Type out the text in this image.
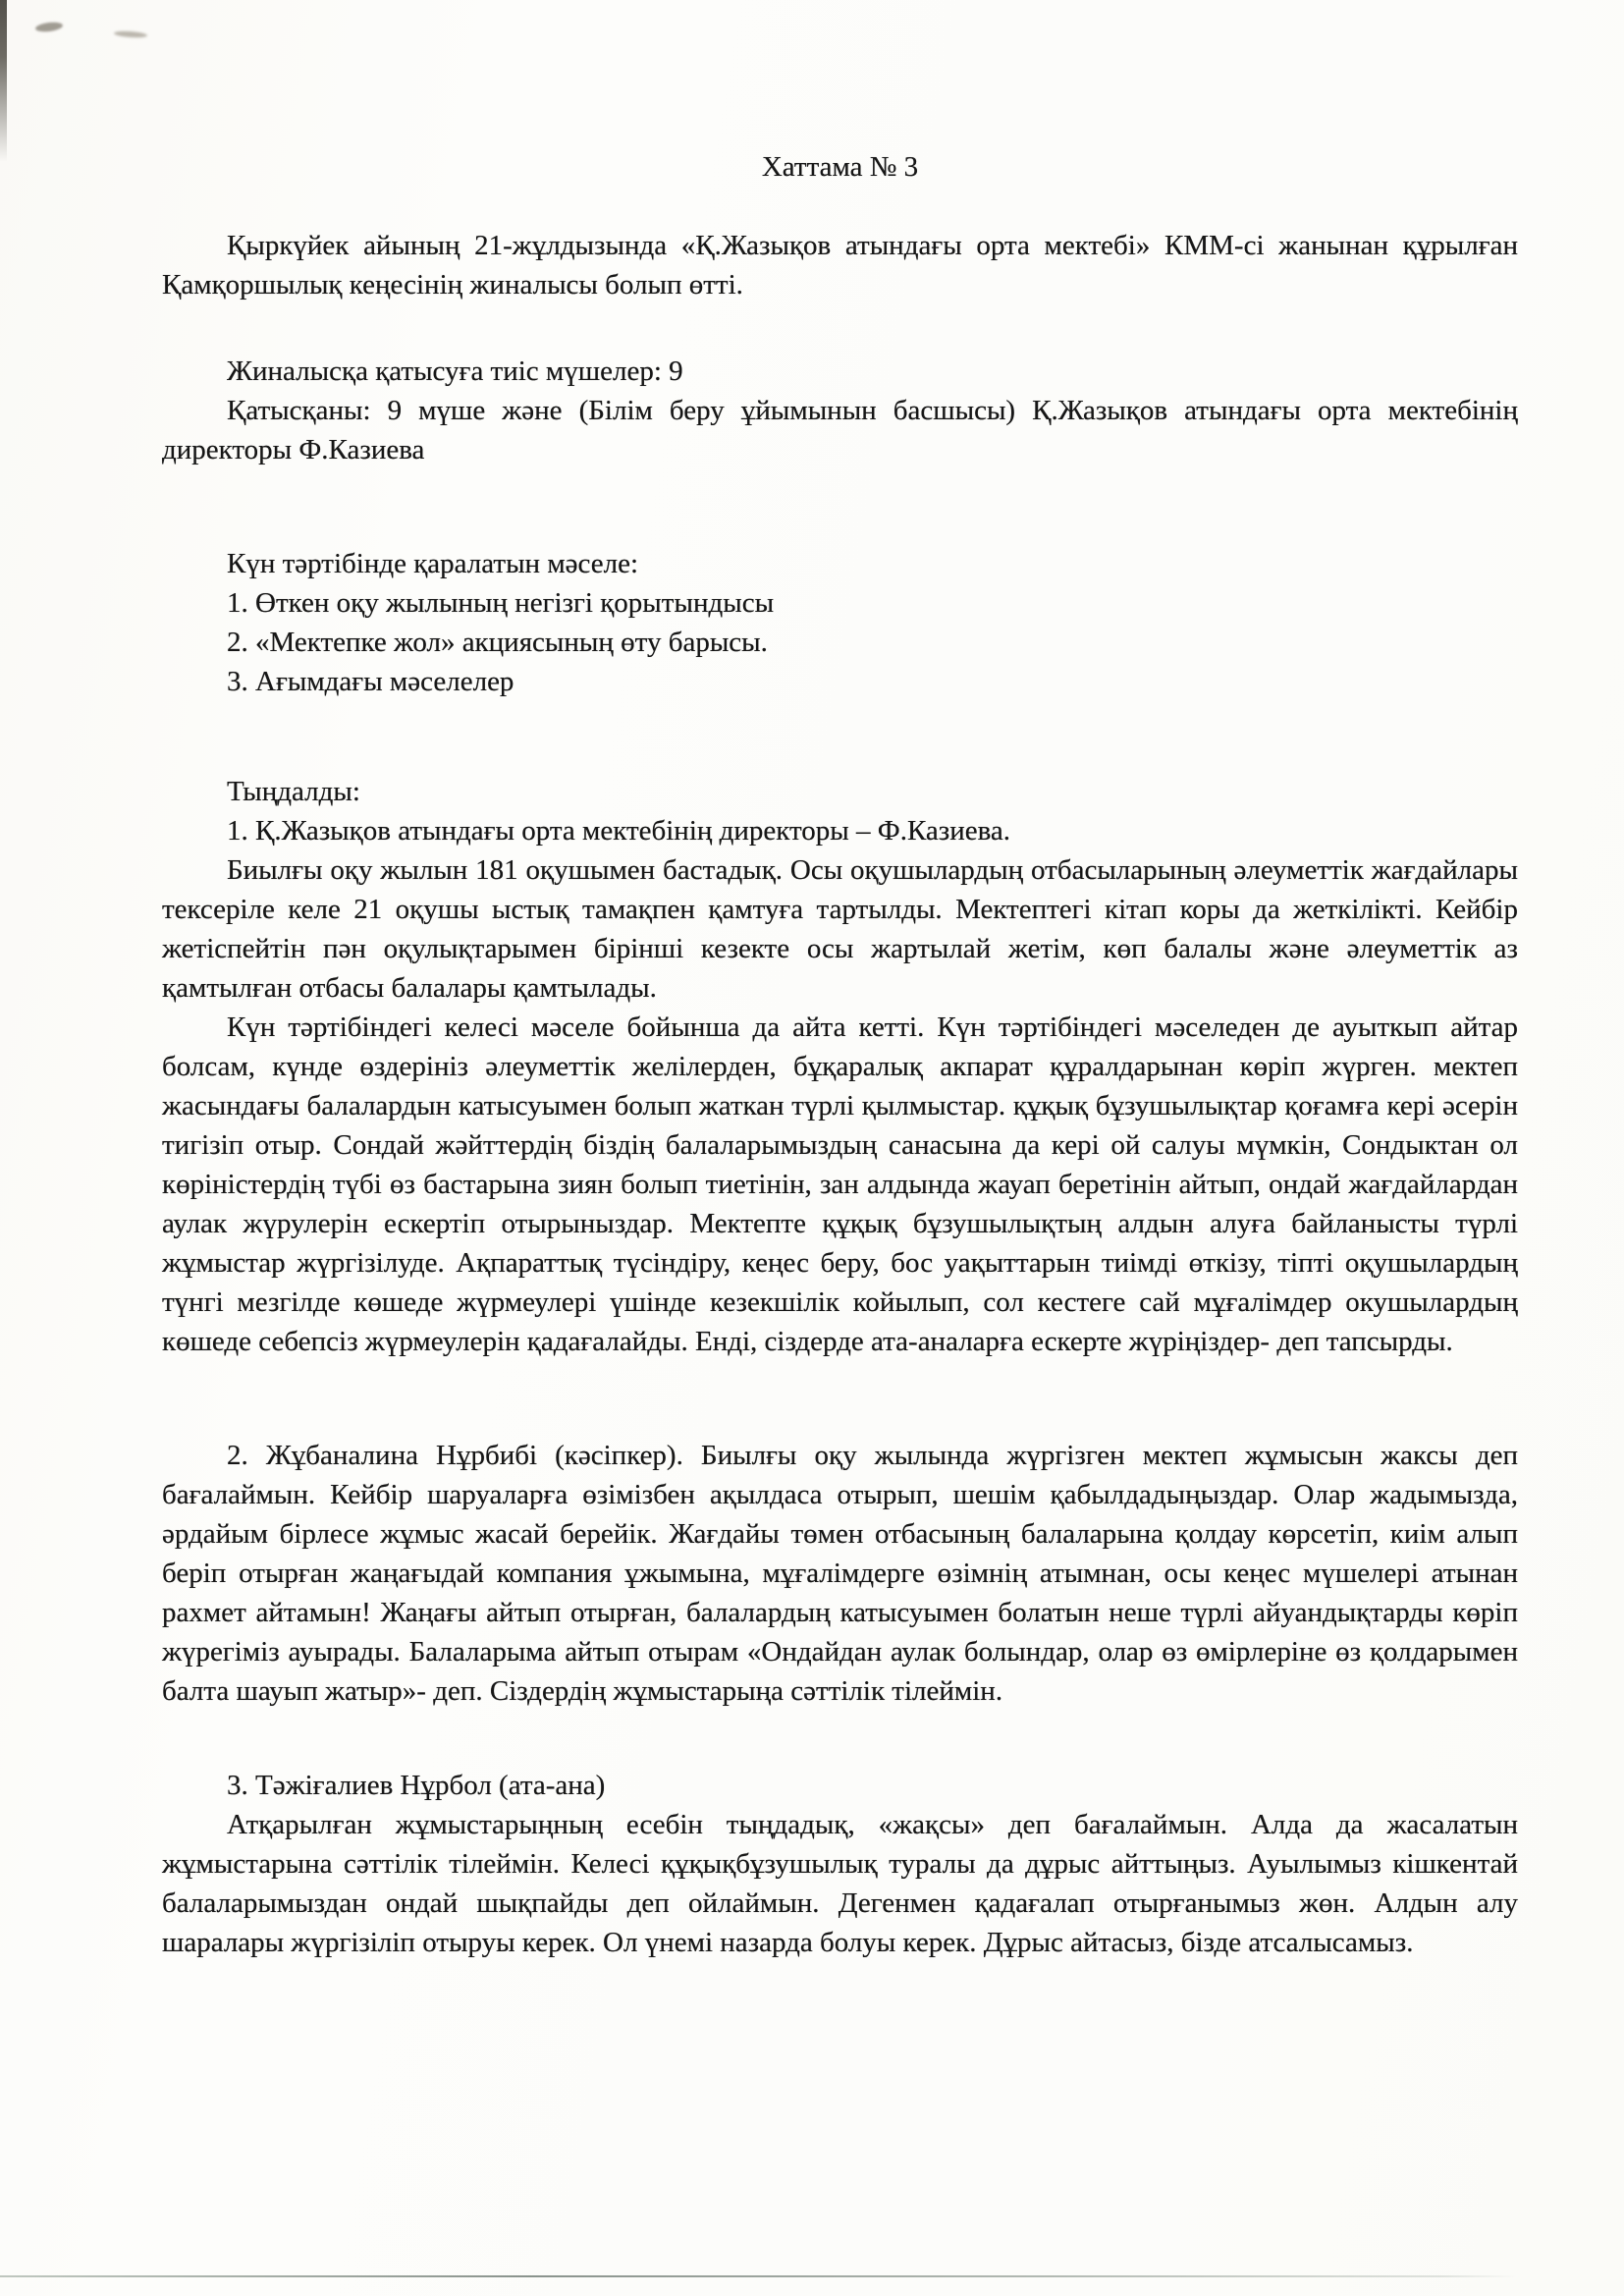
Хаттама № 3

Қыркүйек айының 21-жұлдызында «Қ.Жазықов атындағы орта мектебі» КММ-сі жанынан құрылған Қамқоршылық кеңесінің жиналысы болып өтті.

Жиналысқа қатысуға тиіс мүшелер: 9

Қатысқаны: 9 мүше және (Білім беру ұйымынын басшысы) Қ.Жазықов атындағы орта мектебінің директоры Ф.Казиева

Күн тәртібінде қаралатын мәселе:

1. Өткен оқу жылының негізгі қорытындысы

2. «Мектепке жол» акциясының өту барысы.

3. Ағымдағы мәселелер

Тыңдалды:

1. Қ.Жазықов атындағы орта мектебінің директоры – Ф.Казиева.

Биылғы оқу жылын 181 оқушымен бастадық. Осы оқушылардың отбасыларының әлеуметтік жағдайлары тексеріле келе 21 оқушы ыстық тамақпен қамтуға тартылды. Мектептегі кітап коры да жеткілікті. Кейбір жетіспейтін пән оқулықтарымен бірінші кезекте осы жартылай жетім, көп балалы және әлеуметтік аз қамтылған отбасы балалары қамтылады.

Күн тәртібіндегі келесі мәселе бойынша да айта кетті. Күн тәртібіндегі мәселеден де ауыткып айтар болсам, күнде өздерініз әлеуметтік желілерден, бұқаралық акпарат құралдарынан көріп жүрген. мектеп жасындағы балалардын катысуымен болып жаткан түрлі қылмыстар. құқық бұзушылықтар қоғамға кері әсерін тигізіп отыр. Сондай жәйттердің біздің балаларымыздың санасына да кері ой салуы мүмкін, Сондыктан ол көріністердің түбі өз бастарына зиян болып тиетінін, зан алдында жауап беретінін айтып, ондай жағдайлардан аулак жүрулерін ескертіп отырыныздар. Мектепте құқық бұзушылықтың алдын алуға байланысты түрлі жұмыстар жүргізілуде. Ақпараттық түсіндіру, кеңес беру, бос уақыттарын тиімді өткізу, тіпті оқушылардың түнгі мезгілде көшеде жүрмеулері үшінде кезекшілік койылып, сол кестеге сай мұғалімдер окушылардың көшеде себепсіз жүрмеулерін қадағалайды. Енді, сіздерде ата-аналарға ескерте жүріңіздер- деп тапсырды.

2. Жұбаналина Нұрбибі (кәсіпкер). Биылғы оқу жылында жүргізген мектеп жұмысын жаксы деп бағалаймын. Кейбір шаруаларға өзімізбен ақылдаса отырып, шешім қабылдадыңыздар. Олар жадымызда, әрдайым бірлесе жұмыс жасай берейік. Жағдайы төмен отбасының балаларына қолдау көрсетіп, киім алып беріп отырған жаңағыдай компания ұжымына, мұғалімдерге өзімнің атымнан, осы кеңес мүшелері атынан рахмет айтамын! Жаңағы айтып отырған, балалардың катысуымен болатын неше түрлі айуандықтарды көріп жүрегіміз ауырады. Балаларыма айтып отырам «Ондайдан аулак болындар, олар өз өмірлеріне өз қолдарымен балта шауып жатыр»- деп. Сіздердің жұмыстарыңа сәттілік тілеймін.

3. Тәжіғалиев Нұрбол (ата-ана)

Атқарылған жұмыстарыңның есебін тыңдадық, «жақсы» деп бағалаймын. Алда да жасалатын жұмыстарына сәттілік тілеймін. Келесі құқықбұзушылық туралы да дұрыс айттыңыз. Ауылымыз кішкентай балаларымыздан ондай шықпайды деп ойлаймын. Дегенмен қадағалап отырғанымыз жөн. Алдын алу шаралары жүргізіліп отыруы керек. Ол үнемі назарда болуы керек. Дұрыс айтасыз, бізде атсалысамыз.
